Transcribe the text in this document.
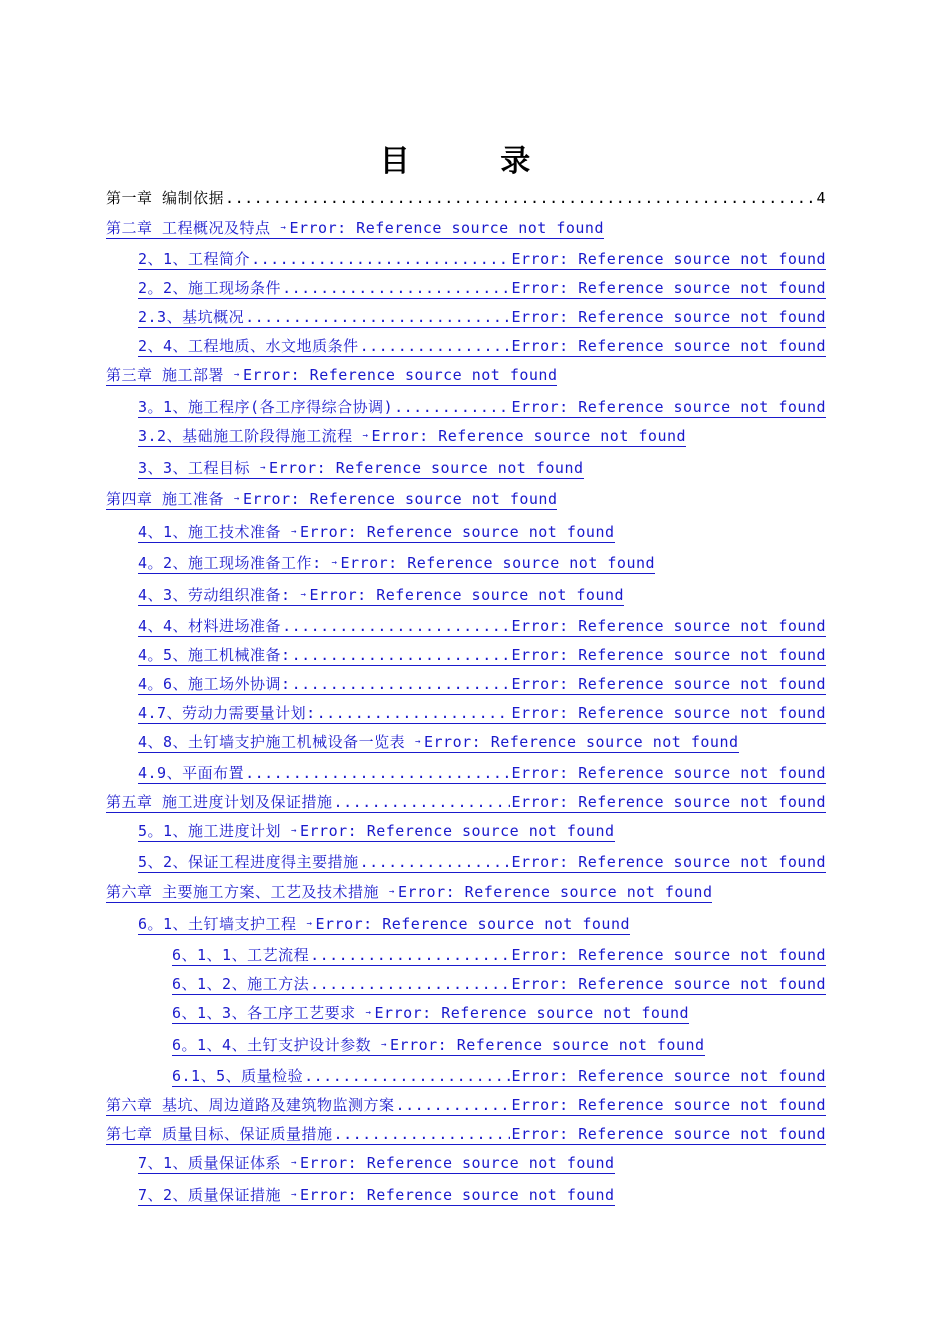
目 录
第一章 编制依据 .....	4
第二章 工程概况及特点 → Error: Reference source not found
2、1、工程简介 .....	Error: Reference source not found
2。2、施工现场条件 .....	Error: Reference source not found
2.3、基坑概况 .....	Error: Reference source not found
2、4、工程地质、水文地质条件 .....	Error: Reference source not found
第三章 施工部署 → Error: Reference source not found
3。1、施工程序(各工序得综合协调) .....	Error: Reference source not found
3.2、基础施工阶段得施工流程 → Error: Reference source not found
3、3、工程目标 → Error: Reference source not found
第四章 施工准备 → Error: Reference source not found
4、1、施工技术准备 → Error: Reference source not found
4。2、施工现场准备工作: → Error: Reference source not found
4、3、劳动组织准备: → Error: Reference source not found
4、4、材料进场准备 .....	Error: Reference source not found
4。5、施工机械准备: .....	Error: Reference source not found
4。6、施工场外协调: .....	Error: Reference source not found
4.7、劳动力需要量计划: .....	Error: Reference source not found
4、8、土钉墙支护施工机械设备一览表 → Error: Reference source not found
4.9、平面布置 .....	Error: Reference source not found
第五章 施工进度计划及保证措施 .....	Error: Reference source not found
5。1、施工进度计划 → Error: Reference source not found
5、2、保证工程进度得主要措施 .....	Error: Reference source not found
第六章 主要施工方案、工艺及技术措施 → Error: Reference source not found
6。1、土钉墙支护工程 → Error: Reference source not found
6、1、1、工艺流程 .....	Error: Reference source not found
6、1、2、施工方法 .....	Error: Reference source not found
6、1、3、各工序工艺要求 → Error: Reference source not found
6。1、4、土钉支护设计参数 → Error: Reference source not found
6.1、5、质量检验 .....	Error: Reference source not found
第六章 基坑、周边道路及建筑物监测方案 .....	Error: Reference source not found
第七章 质量目标、保证质量措施 .....	Error: Reference source not found
7、1、质量保证体系 → Error: Reference source not found
7、2、质量保证措施 → Error: Reference source not found
